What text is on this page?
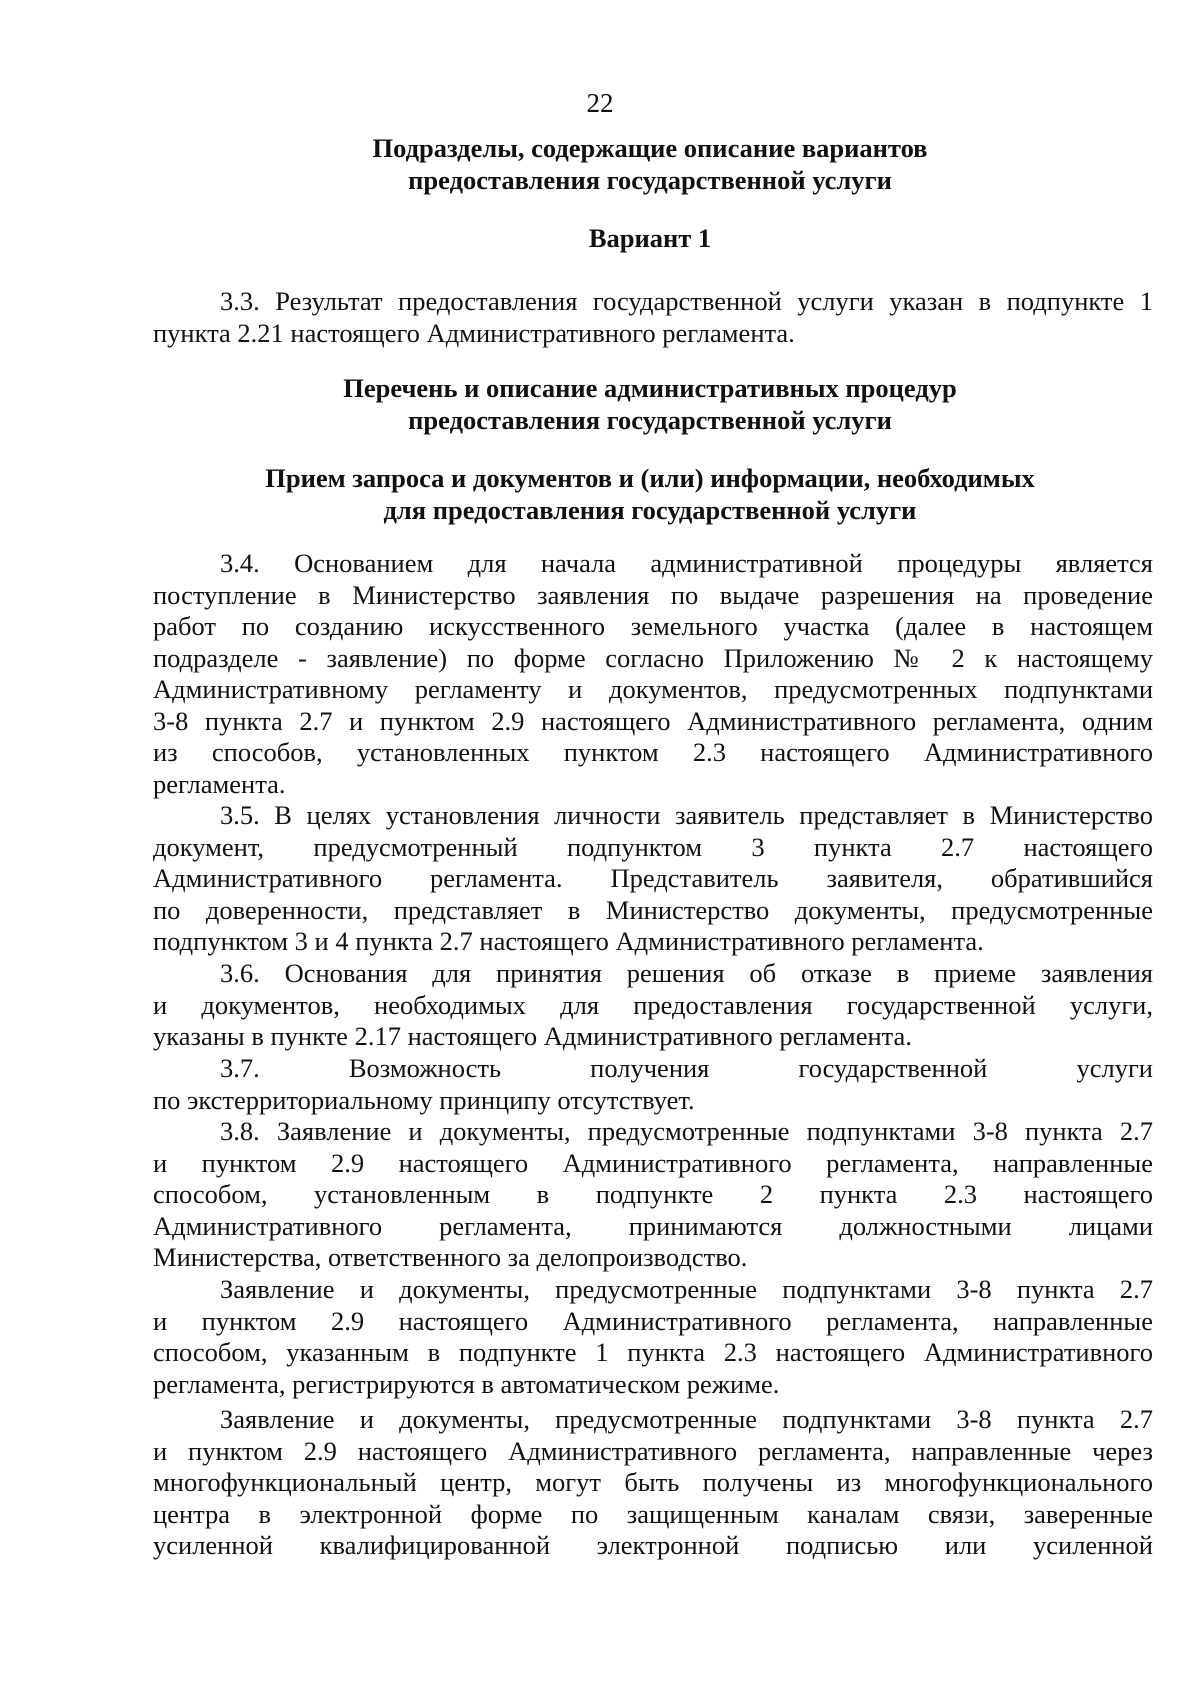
22
Подразделы, содержащие описание вариантов
предоставления государственной услуги
Вариант 1
3.3. Результат предоставления государственной услуги указан в подпункте 1
пункта 2.21 настоящего Административного регламента.
Перечень и описание административных процедур
предоставления государственной услуги
Прием запроса и документов и (или) информации, необходимых
для предоставления государственной услуги
3.4. Основанием для начала административной процедуры является
поступление в Министерство заявления по выдаче разрешения на проведение
работ по созданию искусственного земельного участка (далее в настоящем
подразделе - заявление) по форме согласно Приложению № 2 к настоящему
Административному регламенту и документов, предусмотренных подпунктами
3-8 пункта 2.7 и пунктом 2.9 настоящего Административного регламента, одним
из способов, установленных пунктом 2.3 настоящего Административного
регламента.
3.5. В целях установления личности заявитель представляет в Министерство
документ, предусмотренный подпунктом 3 пункта 2.7 настоящего
Административного регламента. Представитель заявителя, обратившийся
по доверенности, представляет в Министерство документы, предусмотренные
подпунктом 3 и 4 пункта 2.7 настоящего Административного регламента.
3.6. Основания для принятия решения об отказе в приеме заявления
и документов, необходимых для предоставления государственной услуги,
указаны в пункте 2.17 настоящего Административного регламента.
3.7. Возможность получения государственной услуги
по экстерриториальному принципу отсутствует.
3.8. Заявление и документы, предусмотренные подпунктами 3-8 пункта 2.7
и пунктом 2.9 настоящего Административного регламента, направленные
способом, установленным в подпункте 2 пункта 2.3 настоящего
Административного регламента, принимаются должностными лицами
Министерства, ответственного за делопроизводство.
Заявление и документы, предусмотренные подпунктами 3-8 пункта 2.7
и пунктом 2.9 настоящего Административного регламента, направленные
способом, указанным в подпункте 1 пункта 2.3 настоящего Административного
регламента, регистрируются в автоматическом режиме.
Заявление и документы, предусмотренные подпунктами 3-8 пункта 2.7
и пунктом 2.9 настоящего Административного регламента, направленные через
многофункциональный центр, могут быть получены из многофункционального
центра в электронной форме по защищенным каналам связи, заверенные
усиленной квалифицированной электронной подписью или усиленной
